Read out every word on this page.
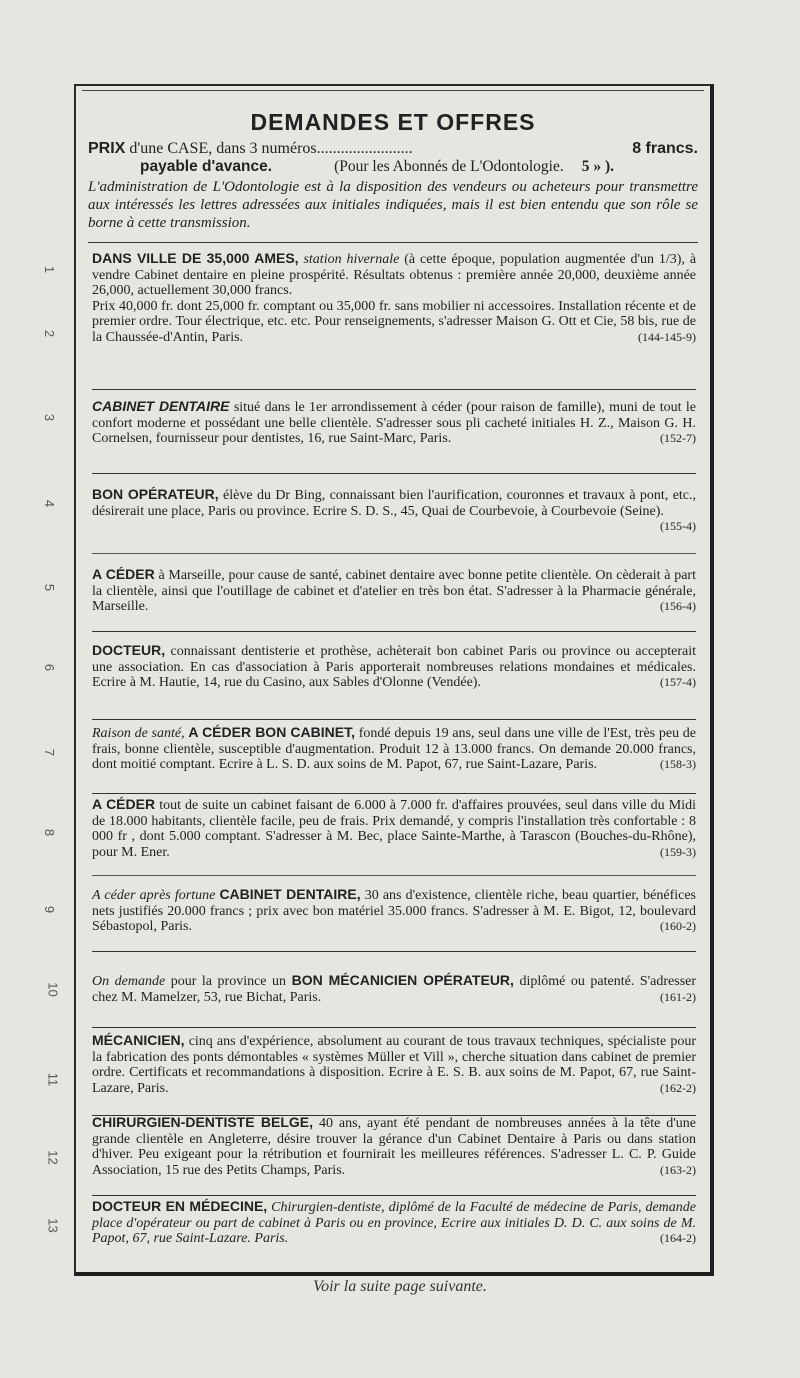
1
2
3
4
5
6
7
8
9
10
11
12
13
DEMANDES ET OFFRES
PRIX d'une CASE, dans 3 numéros........................	8 francs.
payable d'avance.	(Pour les Abonnés de L'Odontologie. 5 » ).
L'administration de L'Odontologie est à la disposition des vendeurs ou acheteurs pour transmettre aux intéressés les lettres adressées aux initiales indiquées, mais il est bien entendu que son rôle se borne à cette transmission.

DANS VILLE DE 35,000 AMES, station hivernale (à cette époque, population augmentée d'un 1/3), à vendre Cabinet dentaire en pleine prospérité. Résultats obtenus : première année 20,000, deuxième année 26,000, actuellement 30,000 francs.

Prix 40,000 fr. dont 25,000 fr. comptant ou 35,000 fr. sans mobilier ni accessoires. Installation récente et de premier ordre. Tour électrique, etc. etc. Pour renseignements, s'adresser Maison G. Ott et Cie, 58 bis, rue de la Chaussée-d'Antin, Paris.	(144-145-9)

CABINET DENTAIRE situé dans le 1er arrondissement à céder (pour raison de famille), muni de tout le confort moderne et possédant une belle clientèle. S'adresser sous pli cacheté initiales H. Z., Maison G. H. Cornelsen, fournisseur pour dentistes, 16, rue Saint-Marc, Paris.	(152-7)

BON OPÉRATEUR, élève du Dr Bing, connaissant bien l'aurification, couronnes et travaux à pont, etc., désirerait une place, Paris ou province. Ecrire S. D. S., 45, Quai de Courbevoie, à Courbevoie (Seine).
(155-4)

A CÉDER à Marseille, pour cause de santé, cabinet dentaire avec bonne petite clientèle. On cèderait à part la clientèle, ainsi que l'outillage de cabinet et d'atelier en très bon état. S'adresser à la Pharmacie générale, Marseille.	(156-4)

DOCTEUR, connaissant dentisterie et prothèse, achèterait bon cabinet Paris ou province ou accepterait une association. En cas d'association à Paris apporterait nombreuses relations mondaines et médicales. Ecrire à M. Hautie, 14, rue du Casino, aux Sables d'Olonne (Vendée).	(157-4)

Raison de santé, A CÉDER BON CABINET, fondé depuis 19 ans, seul dans une ville de l'Est, très peu de frais, bonne clientèle, susceptible d'augmentation. Produit 12 à 13.000 francs. On demande 20.000 francs, dont moitié comptant. Ecrire à L. S. D. aux soins de M. Papot, 67, rue Saint-Lazare, Paris.	(158-3)

A CÉDER tout de suite un cabinet faisant de 6.000 à 7.000 fr. d'affaires prouvées, seul dans ville du Midi de 18.000 habitants, clientèle facile, peu de frais. Prix demandé, y compris l'installation très confortable : 8 000 fr , dont 5.000 comptant. S'adresser à M. Bec, place Sainte-Marthe, à Tarascon (Bouches-du-Rhône), pour M. Ener.	(159-3)

A céder après fortune CABINET DENTAIRE, 30 ans d'existence, clientèle riche, beau quartier, bénéfices nets justifiés 20.000 francs ; prix avec bon matériel 35.000 francs. S'adresser à M. E. Bigot, 12, boulevard Sébastopol, Paris.	(160-2)

On demande pour la province un BON MÉCANICIEN OPÉRATEUR, diplômé ou patenté. S'adresser chez M. Mamelzer, 53, rue Bichat, Paris.	(161-2)

MÉCANICIEN, cinq ans d'expérience, absolument au courant de tous travaux techniques, spécialiste pour la fabrication des ponts démontables « systèmes Müller et Vill », cherche situation dans cabinet de premier ordre. Certificats et recommandations à disposition. Ecrire à E. S. B. aux soins de M. Papot, 67, rue Saint-Lazare, Paris.	(162-2)

CHIRURGIEN-DENTISTE BELGE, 40 ans, ayant été pendant de nombreuses années à la tête d'une grande clientèle en Angleterre, désire trouver la gérance d'un Cabinet Dentaire à Paris ou dans station d'hiver. Peu exigeant pour la rétribution et fournirait les meilleures références. S'adresser L. C. P. Guide Association, 15 rue des Petits Champs, Paris.	(163-2)

DOCTEUR EN MÉDECINE, Chirurgien-dentiste, diplômé de la Faculté de médecine de Paris, demande place d'opérateur ou part de cabinet à Paris ou en province, Ecrire aux initiales D. D. C. aux soins de M. Papot, 67, rue Saint-Lazare. Paris.	(164-2)

Voir la suite page suivante.
